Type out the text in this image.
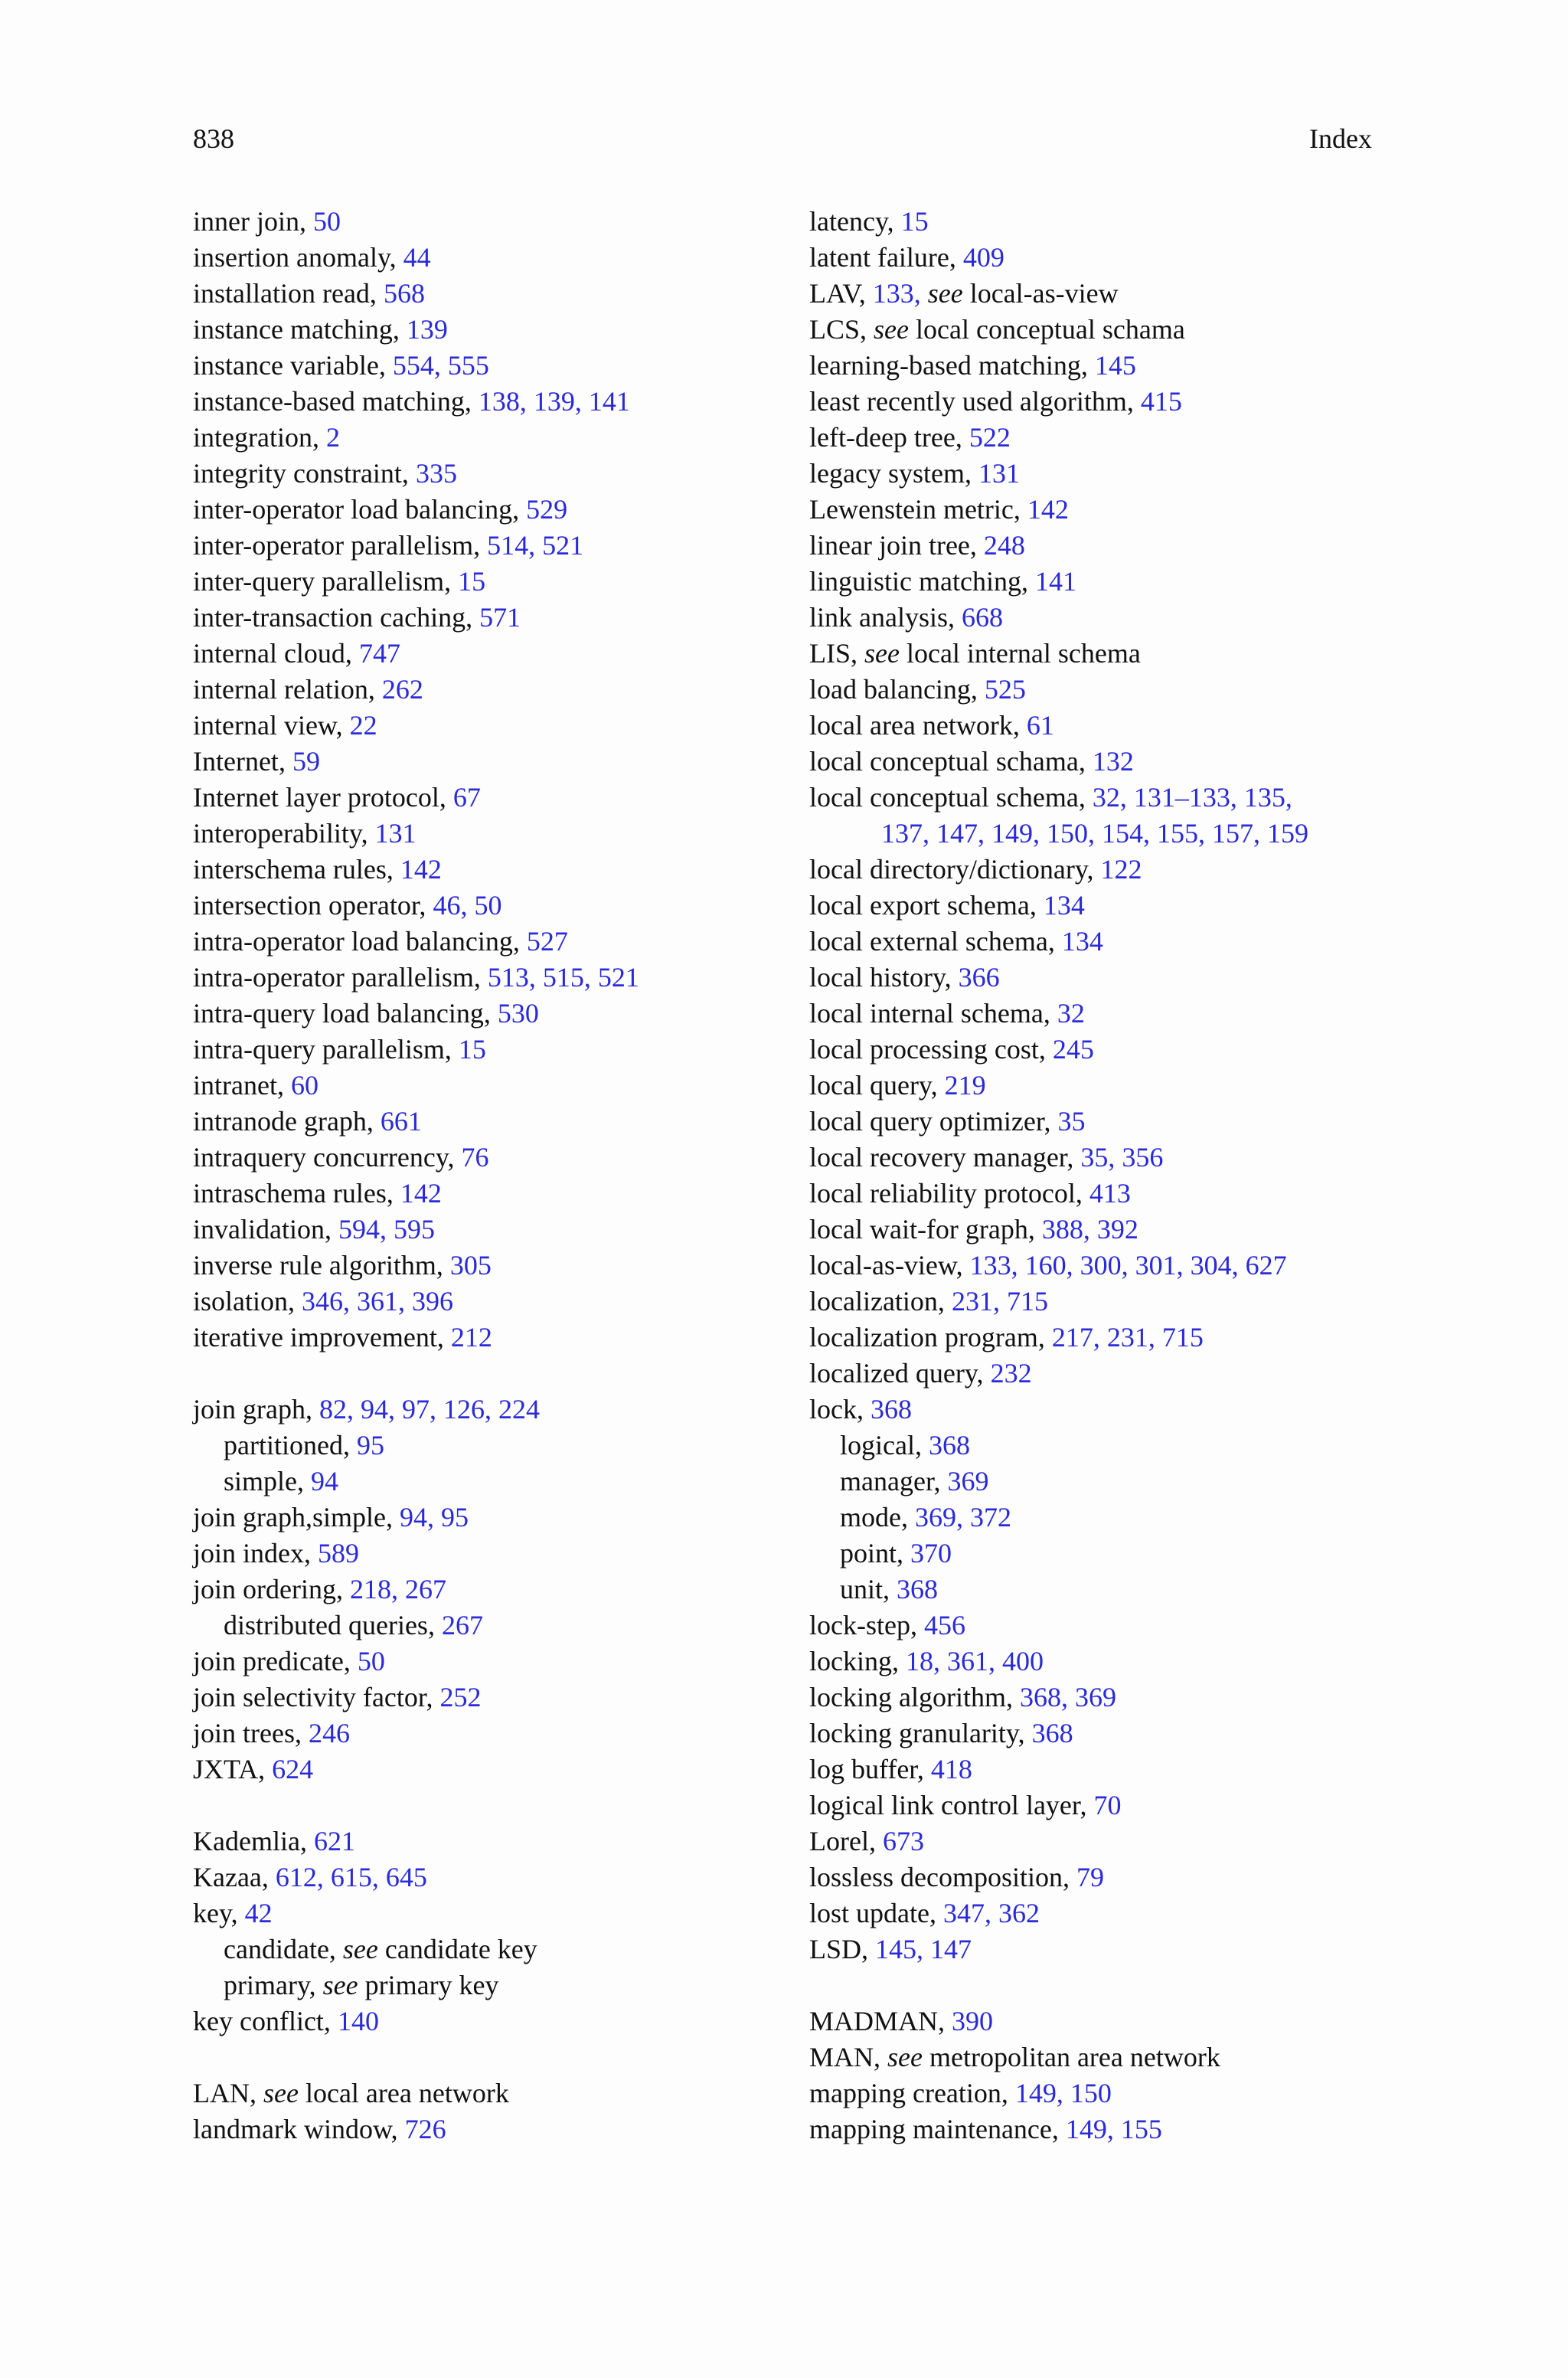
838	Index
inner join, 50
insertion anomaly, 44
installation read, 568
instance matching, 139
instance variable, 554, 555
instance-based matching, 138, 139, 141
integration, 2
integrity constraint, 335
inter-operator load balancing, 529
inter-operator parallelism, 514, 521
inter-query parallelism, 15
inter-transaction caching, 571
internal cloud, 747
internal relation, 262
internal view, 22
Internet, 59
Internet layer protocol, 67
interoperability, 131
interschema rules, 142
intersection operator, 46, 50
intra-operator load balancing, 527
intra-operator parallelism, 513, 515, 521
intra-query load balancing, 530
intra-query parallelism, 15
intranet, 60
intranode graph, 661
intraquery concurrency, 76
intraschema rules, 142
invalidation, 594, 595
inverse rule algorithm, 305
isolation, 346, 361, 396
iterative improvement, 212
join graph, 82, 94, 97, 126, 224
partitioned, 95
simple, 94
join graph,simple, 94, 95
join index, 589
join ordering, 218, 267
distributed queries, 267
join predicate, 50
join selectivity factor, 252
join trees, 246
JXTA, 624
Kademlia, 621
Kazaa, 612, 615, 645
key, 42
candidate, see candidate key
primary, see primary key
key conflict, 140
LAN, see local area network
landmark window, 726
latency, 15
latent failure, 409
LAV, 133, see local-as-view
LCS, see local conceptual schama
learning-based matching, 145
least recently used algorithm, 415
left-deep tree, 522
legacy system, 131
Lewenstein metric, 142
linear join tree, 248
linguistic matching, 141
link analysis, 668
LIS, see local internal schema
load balancing, 525
local area network, 61
local conceptual schama, 132
local conceptual schema, 32, 131–133, 135,
137, 147, 149, 150, 154, 155, 157, 159
local directory/dictionary, 122
local export schema, 134
local external schema, 134
local history, 366
local internal schema, 32
local processing cost, 245
local query, 219
local query optimizer, 35
local recovery manager, 35, 356
local reliability protocol, 413
local wait-for graph, 388, 392
local-as-view, 133, 160, 300, 301, 304, 627
localization, 231, 715
localization program, 217, 231, 715
localized query, 232
lock, 368
logical, 368
manager, 369
mode, 369, 372
point, 370
unit, 368
lock-step, 456
locking, 18, 361, 400
locking algorithm, 368, 369
locking granularity, 368
log buffer, 418
logical link control layer, 70
Lorel, 673
lossless decomposition, 79
lost update, 347, 362
LSD, 145, 147
MADMAN, 390
MAN, see metropolitan area network
mapping creation, 149, 150
mapping maintenance, 149, 155
